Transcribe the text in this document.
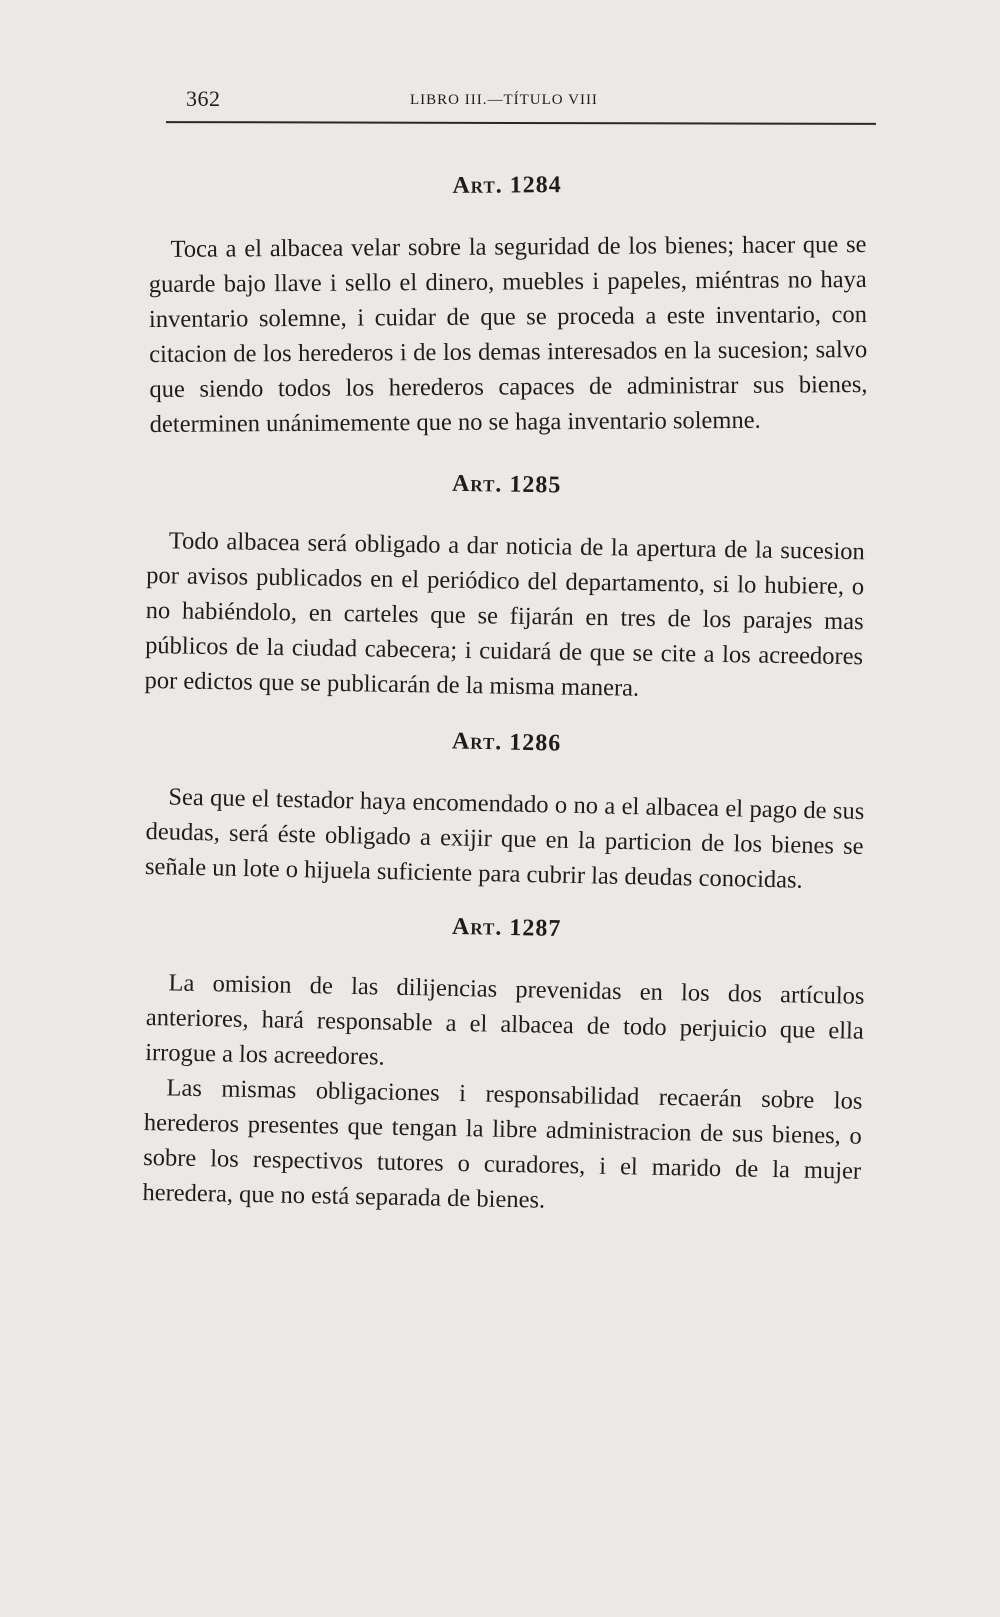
362	LIBRO III.—TÍTULO VIII
Art. 1284

Toca a el albacea velar sobre la seguridad de los bienes; hacer que se guarde bajo llave i sello el dinero, muebles i papeles, miéntras no haya inventario solemne, i cuidar de que se proceda a este inventario, con citacion de los herederos i de los demas interesados en la sucesion; salvo que siendo todos los herederos capaces de administrar sus bienes, determinen unánimemente que no se haga inventario solemne.

Art. 1285

Todo albacea será obligado a dar noticia de la apertura de la sucesion por avisos publicados en el periódico del departamento, si lo hubiere, o no habiéndolo, en carteles que se fijarán en tres de los parajes mas públicos de la ciudad cabecera; i cuidará de que se cite a los acreedores por edictos que se publicarán de la misma manera.

Art. 1286

Sea que el testador haya encomendado o no a el albacea el pago de sus deudas, será éste obligado a exijir que en la particion de los bienes se señale un lote o hijuela suficiente para cubrir las deudas conocidas.

Art. 1287

La omision de las dilijencias prevenidas en los dos artículos anteriores, hará responsable a el albacea de todo perjuicio que ella irrogue a los acreedores.

Las mismas obligaciones i responsabilidad recaerán sobre los herederos presentes que tengan la libre administracion de sus bienes, o sobre los respectivos tutores o curadores, i el marido de la mujer heredera, que no está separada de bienes.
